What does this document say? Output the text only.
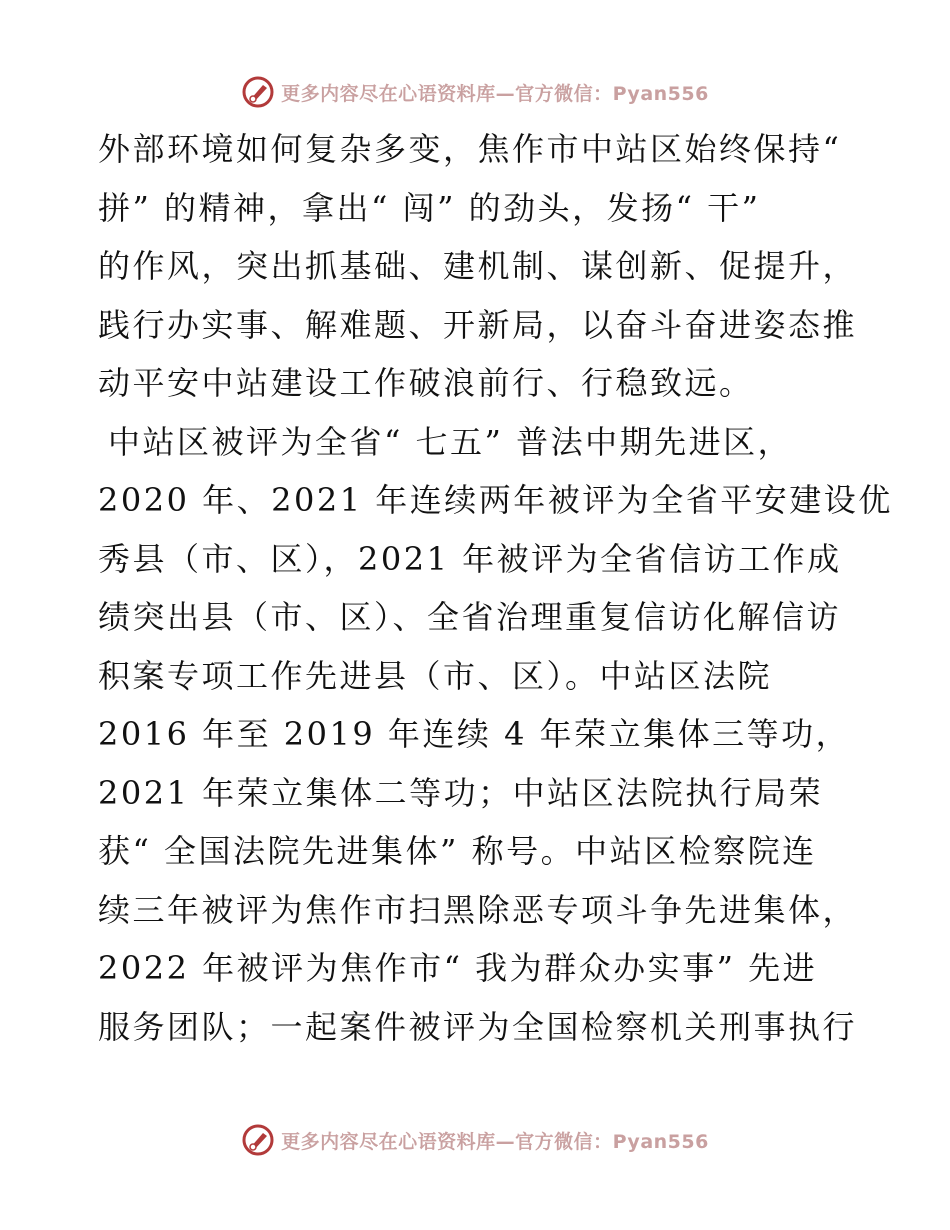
更多内容尽在心语资料库—官方微信：Pyan556
外部环境如何复杂多变，焦作市中站区始终保持“
拼” 的精神，拿出“ 闯” 的劲头，发扬“ 干”
的作风，突出抓基础、建机制、谋创新、促提升，
践行办实事、解难题、开新局，以奋斗奋进姿态推
动平安中站建设工作破浪前行、行稳致远。
中站区被评为全省“ 七五” 普法中期先进区，
2020 年、2021 年连续两年被评为全省平安建设优
秀县（市、区），2021 年被评为全省信访工作成
绩突出县（市、区）、全省治理重复信访化解信访
积案专项工作先进县（市、区）。中站区法院
2016 年至 2019 年连续 4 年荣立集体三等功，
2021 年荣立集体二等功；中站区法院执行局荣
获“ 全国法院先进集体” 称号。中站区检察院连
续三年被评为焦作市扫黑除恶专项斗争先进集体，
2022 年被评为焦作市“ 我为群众办实事” 先进
服务团队；一起案件被评为全国检察机关刑事执行
更多内容尽在心语资料库—官方微信：Pyan556
